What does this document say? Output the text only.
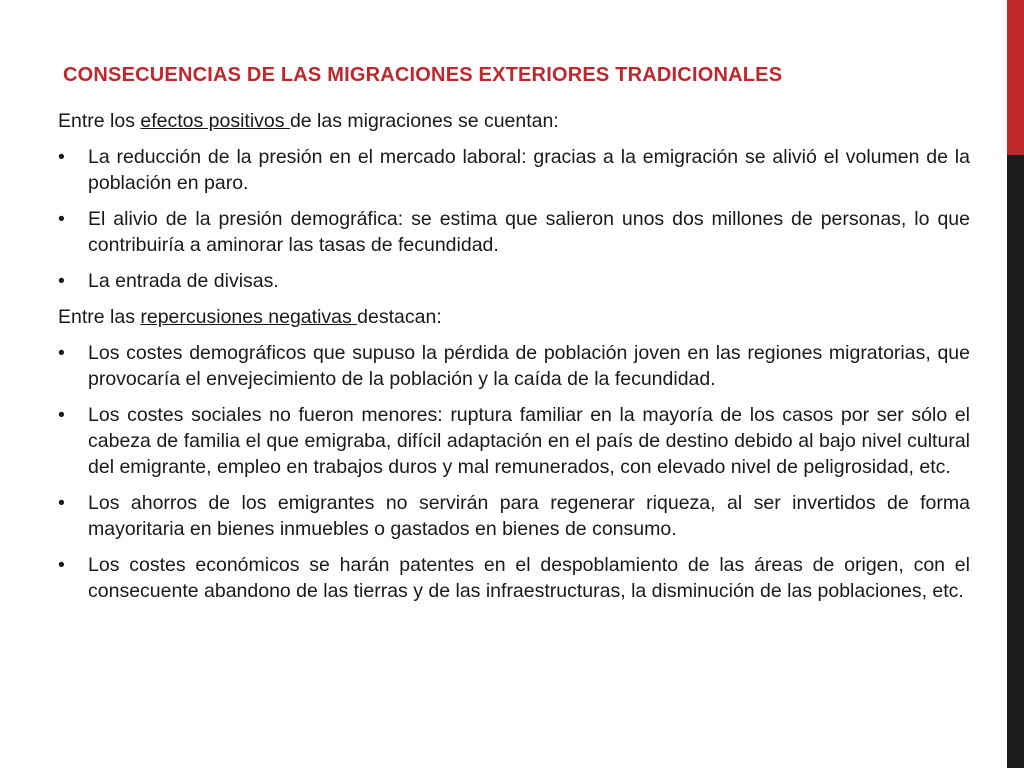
CONSECUENCIAS DE LAS MIGRACIONES EXTERIORES TRADICIONALES

Entre los efectos positivos de las migraciones se cuentan:

•	La reducción de la presión en el mercado laboral: gracias a la emigración se alivió el volumen de la población en paro.
•	El alivio de la presión demográfica: se estima que salieron unos dos millones de personas, lo que contribuiría a aminorar las tasas de fecundidad.
•	La entrada de divisas.

Entre las repercusiones negativas destacan:

•	Los costes demográficos que supuso la pérdida de población joven en las regiones migratorias, que provocaría el envejecimiento de la población y la caída de la fecundidad.
•	Los costes sociales no fueron menores: ruptura familiar en la mayoría de los casos por ser sólo el cabeza de familia el que emigraba, difícil adaptación en el país de destino debido al bajo nivel cultural del emigrante, empleo en trabajos duros y mal remunerados, con elevado nivel de peligrosidad, etc.
•	Los ahorros de los emigrantes no servirán para regenerar riqueza, al ser invertidos de forma mayoritaria en bienes inmuebles o gastados en bienes de consumo.
•	Los costes económicos se harán patentes en el despoblamiento de las áreas de origen, con el consecuente abandono de las tierras y de las infraestructuras, la disminución de las poblaciones, etc.
